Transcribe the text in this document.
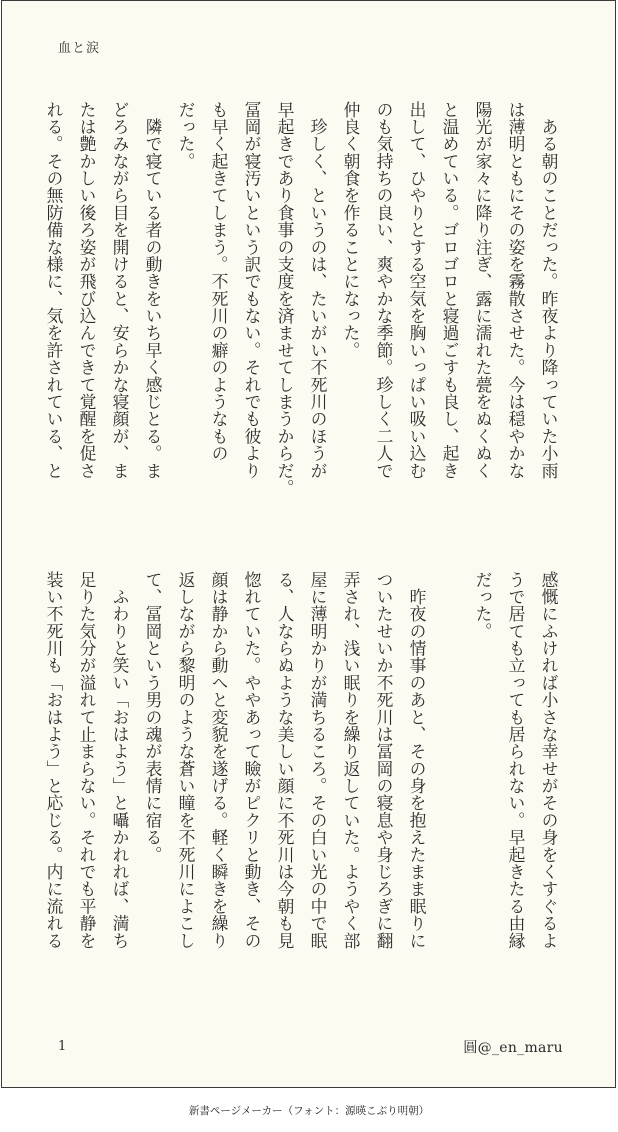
血と涙
　ある朝のことだった。昨夜より降っていた小雨
は薄明ともにその姿を霧散させた。今は穏やかな
陽光が家々に降り注ぎ、露に濡れた甍をぬくぬく
と温めている。ゴロゴロと寝過ごすも良し、起き
出して、ひやりとする空気を胸いっぱい吸い込む
のも気持ちの良い、爽やかな季節。珍しく二人で
仲良く朝食を作ることになった。
　珍しく、というのは、たいがい不死川のほうが
早起きであり食事の支度を済ませてしまうからだ。
冨岡が寝汚いという訳でもない。それでも彼より
も早く起きてしまう。不死川の癖のようなもの
だった。
　隣で寝ている者の動きをいち早く感じとる。ま
どろみながら目を開けると、安らかな寝顔が、ま
たは艶かしい後ろ姿が飛び込んできて覚醒を促さ
れる。その無防備な様に、気を許されている、と
感慨にふければ小さな幸せがその身をくすぐるよ
うで居ても立っても居られない。早起きたる由縁
だった。
　昨夜の情事のあと、その身を抱えたまま眠りに
ついたせいか不死川は冨岡の寝息や身じろぎに翻
弄され、浅い眠りを繰り返していた。ようやく部
屋に薄明かりが満ちるころ。その白い光の中で眠
る、人ならぬような美しい顔に不死川は今朝も見
惚れていた。ややあって瞼がピクリと動き、その
顔は静から動へと変貌を遂げる。軽く瞬きを繰り
返しながら黎明のような蒼い瞳を不死川によこし
て、冨岡という男の魂が表情に宿る。
　ふわりと笑い「おはよう」と囁かれれば、満ち
足りた気分が溢れて止まらない。それでも平静を
装い不死川も「おはよう」と応じる。内に流れる
1	圓@_en_maru
新書ページメーカー（フォント：源暎こぶり明朝）
